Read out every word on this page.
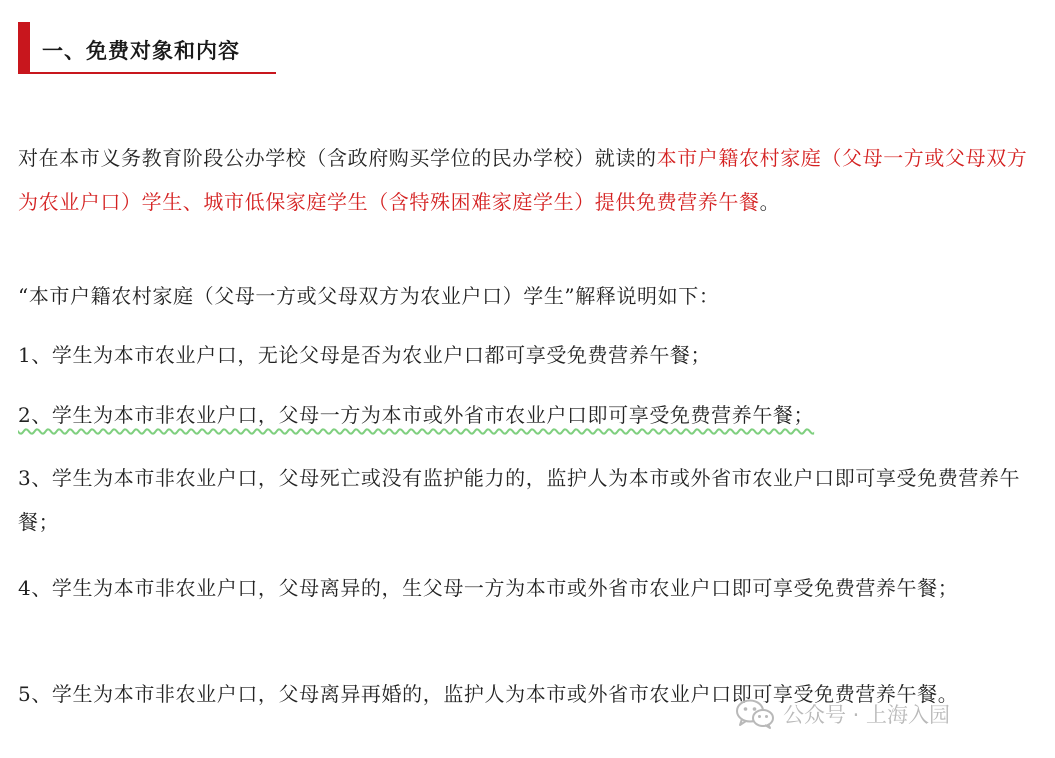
一、免费对象和内容

对在本市义务教育阶段公办学校（含政府购买学位的民办学校）就读的本市户籍农村家庭（父母一方或父母双方为农业户口）学生、城市低保家庭学生（含特殊困难家庭学生）提供免费营养午餐。

“本市户籍农村家庭（父母一方或父母双方为农业户口）学生”解释说明如下：

1、学生为本市农业户口，无论父母是否为农业户口都可享受免费营养午餐；

2、学生为本市非农业户口，父母一方为本市或外省市农业户口即可享受免费营养午餐；

3、学生为本市非农业户口，父母死亡或没有监护能力的，监护人为本市或外省市农业户口即可享受免费营养午餐；

4、学生为本市非农业户口，父母离异的，生父母一方为本市或外省市农业户口即可享受免费营养午餐；

5、学生为本市非农业户口，父母离异再婚的，监护人为本市或外省市农业户口即可享受免费营养午餐。

公众号 · 上海入园
